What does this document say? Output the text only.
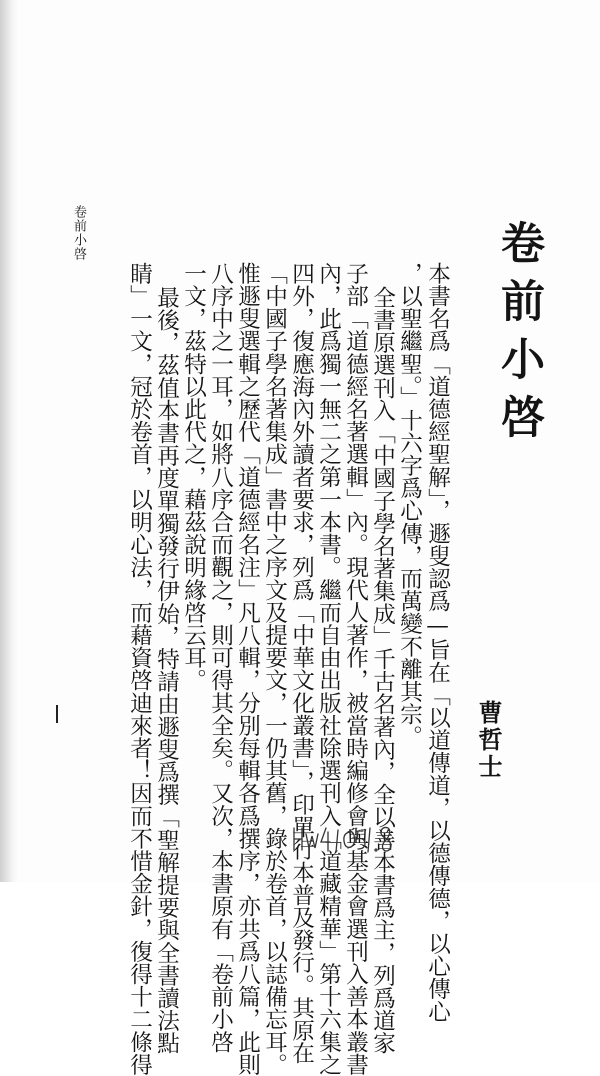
卷前小啓
曹哲士
本書名爲「道德經聖解」，遯叟認爲—旨在「以道傳道，以德傳德，以心傳心
，以聖繼聖。」十六字爲心傳，而萬變不離其宗。
全書原選刊入「中國子學名著集成」千古名著內，全以善本書爲主，列爲道家
子部「道德經名著選輯」內。現代人著作，被當時編修會與基金會選刊入善本叢書
內，此爲獨一無二之第一本書。繼而自由出版社除選刊入「道藏精華」第十六集之
四外，復應海內外讀者要求，列爲「中華文化叢書」，印單行本普及發行。其原在
「中國子學名著集成」書中之序文及提要文，一仍其舊，錄於卷首，以誌備忘耳。
惟遯叟選輯之歷代「道德經名注」凡八輯，分別每輯各爲撰序，亦共爲八篇，此則
八序中之一耳，如將八序合而觀之，則可得其全矣。又次，本書原有「卷前小啓
一文，茲特以此代之，藉茲說明緣啓云耳。
最後，茲值本書再度單獨發行伊始，特請由遯叟爲撰「聖解提要與全書讀法點
睛」一文，冠於卷首，以明心法，而藉資啓迪來者！因而不惜金針，復得十二條得
卷前小啓
